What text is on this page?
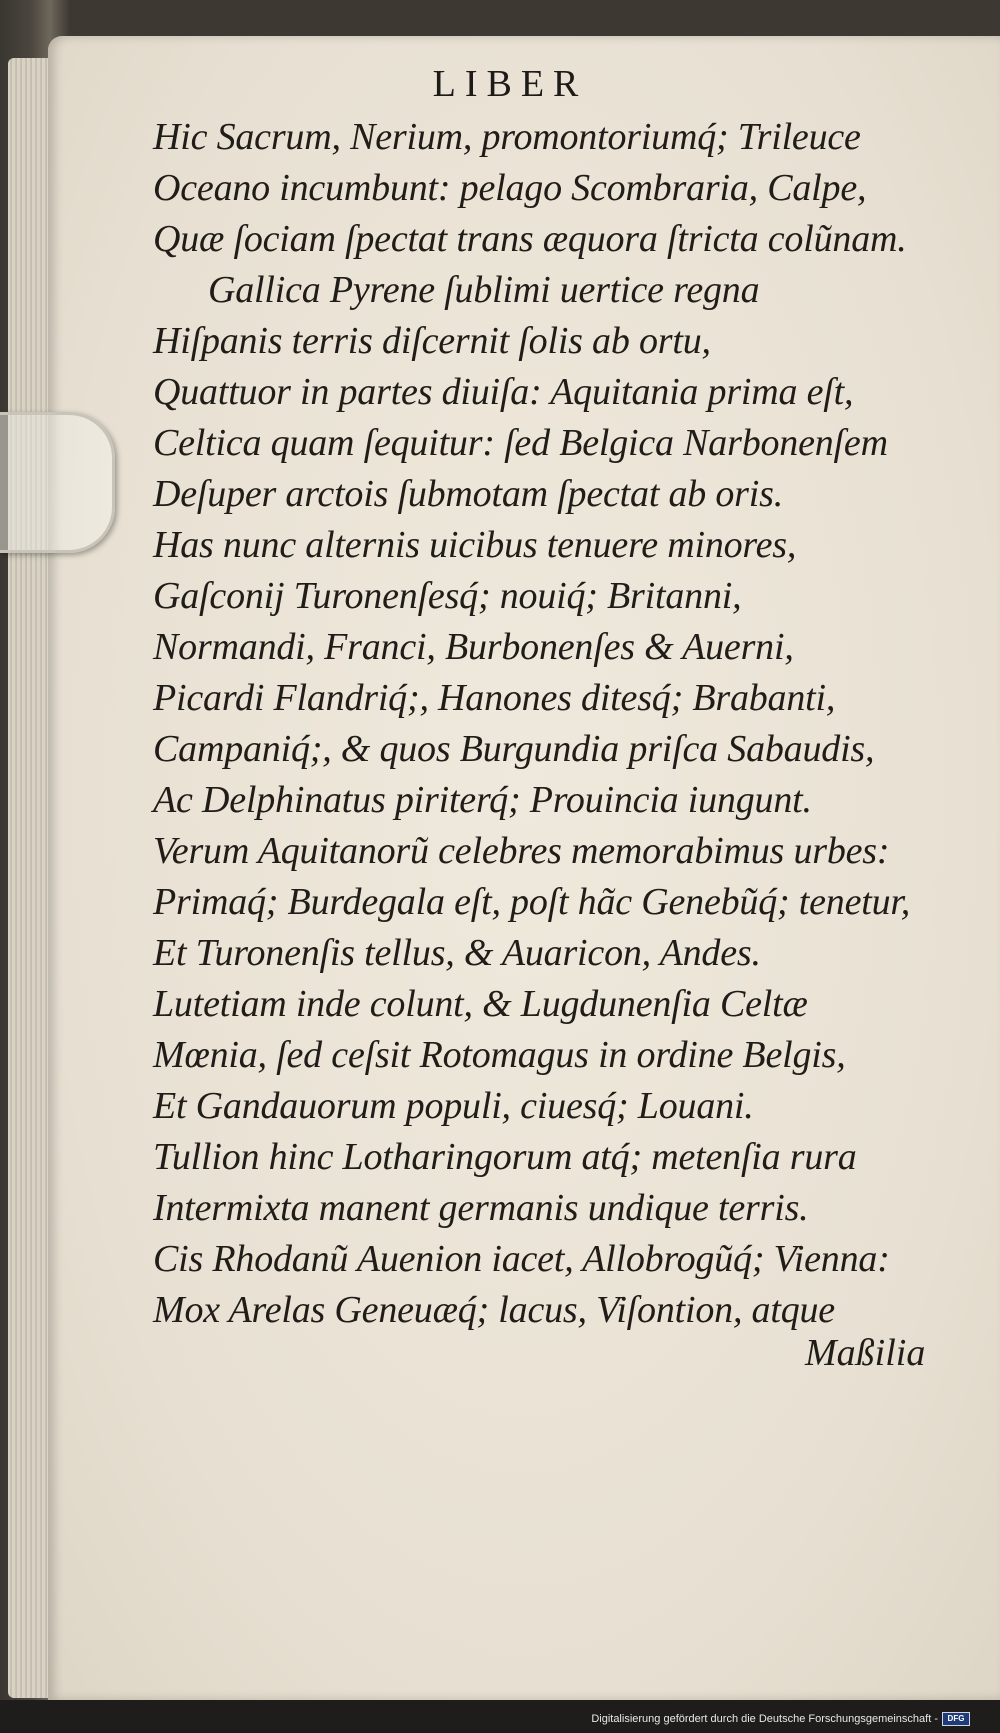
LIBER
Hic Sacrum, Nerium, promontoriumq́; Trileuce
Oceano incumbunt: pelago Scombraria, Calpe,
Quæ ſociam ſpectat trans æquora ſtricta colũnam.
Gallica Pyrene ſublimi uertice regna
Hiſpanis terris diſcernit ſolis ab ortu,
Quattuor in partes diuiſa: Aquitania prima eſt,
Celtica quam ſequitur: ſed Belgica Narbonenſem
Deſuper arctois ſubmotam ſpectat ab oris.
Has nunc alternis uicibus tenuere minores,
Gaſconij Turonenſesq́; nouiq́; Britanni,
Normandi, Franci, Burbonenſes & Auerni,
Picardi Flandriq́;, Hanones ditesq́; Brabanti,
Campaniq́;, & quos Burgundia priſca Sabaudis,
Ac Delphinatus piriterq́; Prouincia iungunt.
Verum Aquitanorũ celebres memorabimus urbes:
Primaq́; Burdegala eſt, poſt hãc Genebũq́; tenetur,
Et Turonenſis tellus, & Auaricon, Andes.
Lutetiam inde colunt, & Lugdunenſia Celtæ
Mœnia, ſed ceſsit Rotomagus in ordine Belgis,
Et Gandauorum populi, ciuesq́; Louani.
Tullion hinc Lotharingorum atq́; metenſia rura
Intermixta manent germanis undique terris.
Cis Rhodanũ Auenion iacet, Allobrogũq́; Vienna:
Mox Arelas Geneuæq́; lacus, Viſontion, atque
Maßilia
Digitalisierung gefördert durch die Deutsche Forschungsgemeinschaft - DFG
